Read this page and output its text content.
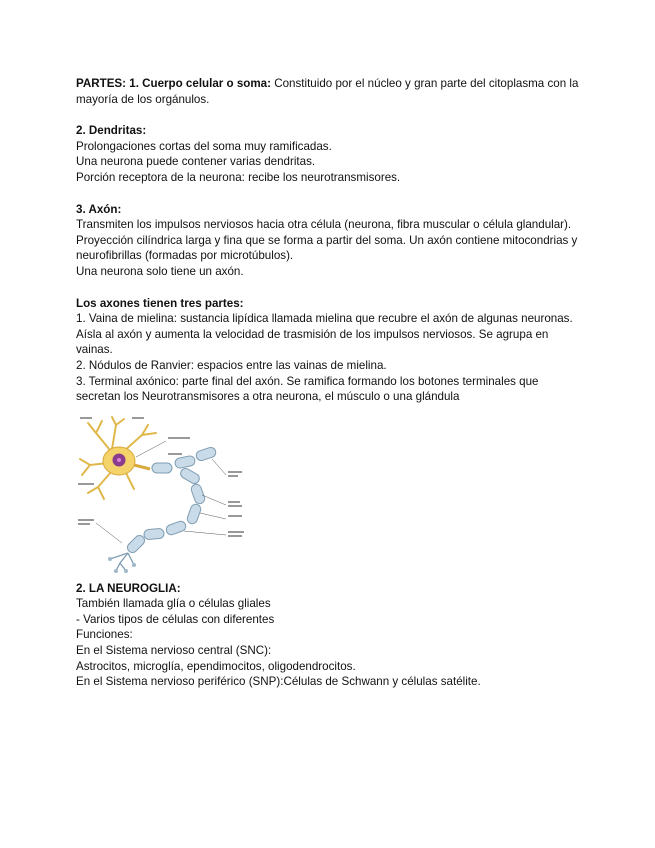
PARTES: 1. Cuerpo celular o soma: Constituido por el núcleo y gran parte del citoplasma con la mayoría de los orgánulos.

2. Dendritas:

Prolongaciones cortas del soma muy ramificadas.

Una neurona puede contener varias dendritas.

Porción receptora de la neurona: recibe los neurotransmisores.

3. Axón:

Transmiten los impulsos nerviosos hacia otra célula (neurona, fibra muscular o célula glandular).

Proyección cilíndrica larga y fina que se forma a partir del soma. Un axón contiene mitocondrias y neurofibrillas (formadas por microtúbulos).

Una neurona solo tiene un axón.

Los axones tienen tres partes:

1. Vaina de mielina: sustancia lipídica llamada mielina que recubre el axón de algunas neuronas. Aísla al axón y aumenta la velocidad de trasmisión de los impulsos nerviosos. Se agrupa en vainas.

2. Nódulos de Ranvier: espacios entre las vainas de mielina.

3. Terminal axónico: parte final del axón. Se ramifica formando los botones terminales que secretan los Neurotransmisores a otra neurona, el músculo o una glándula

2. LA NEUROGLIA:

También llamada glía o células gliales

- Varios tipos de células con diferentes

Funciones:

En el Sistema nervioso central (SNC):

Astrocitos, microglía, ependimocitos, oligodendrocitos.

En el Sistema nervioso periférico (SNP):Células de Schwann y células satélite.
